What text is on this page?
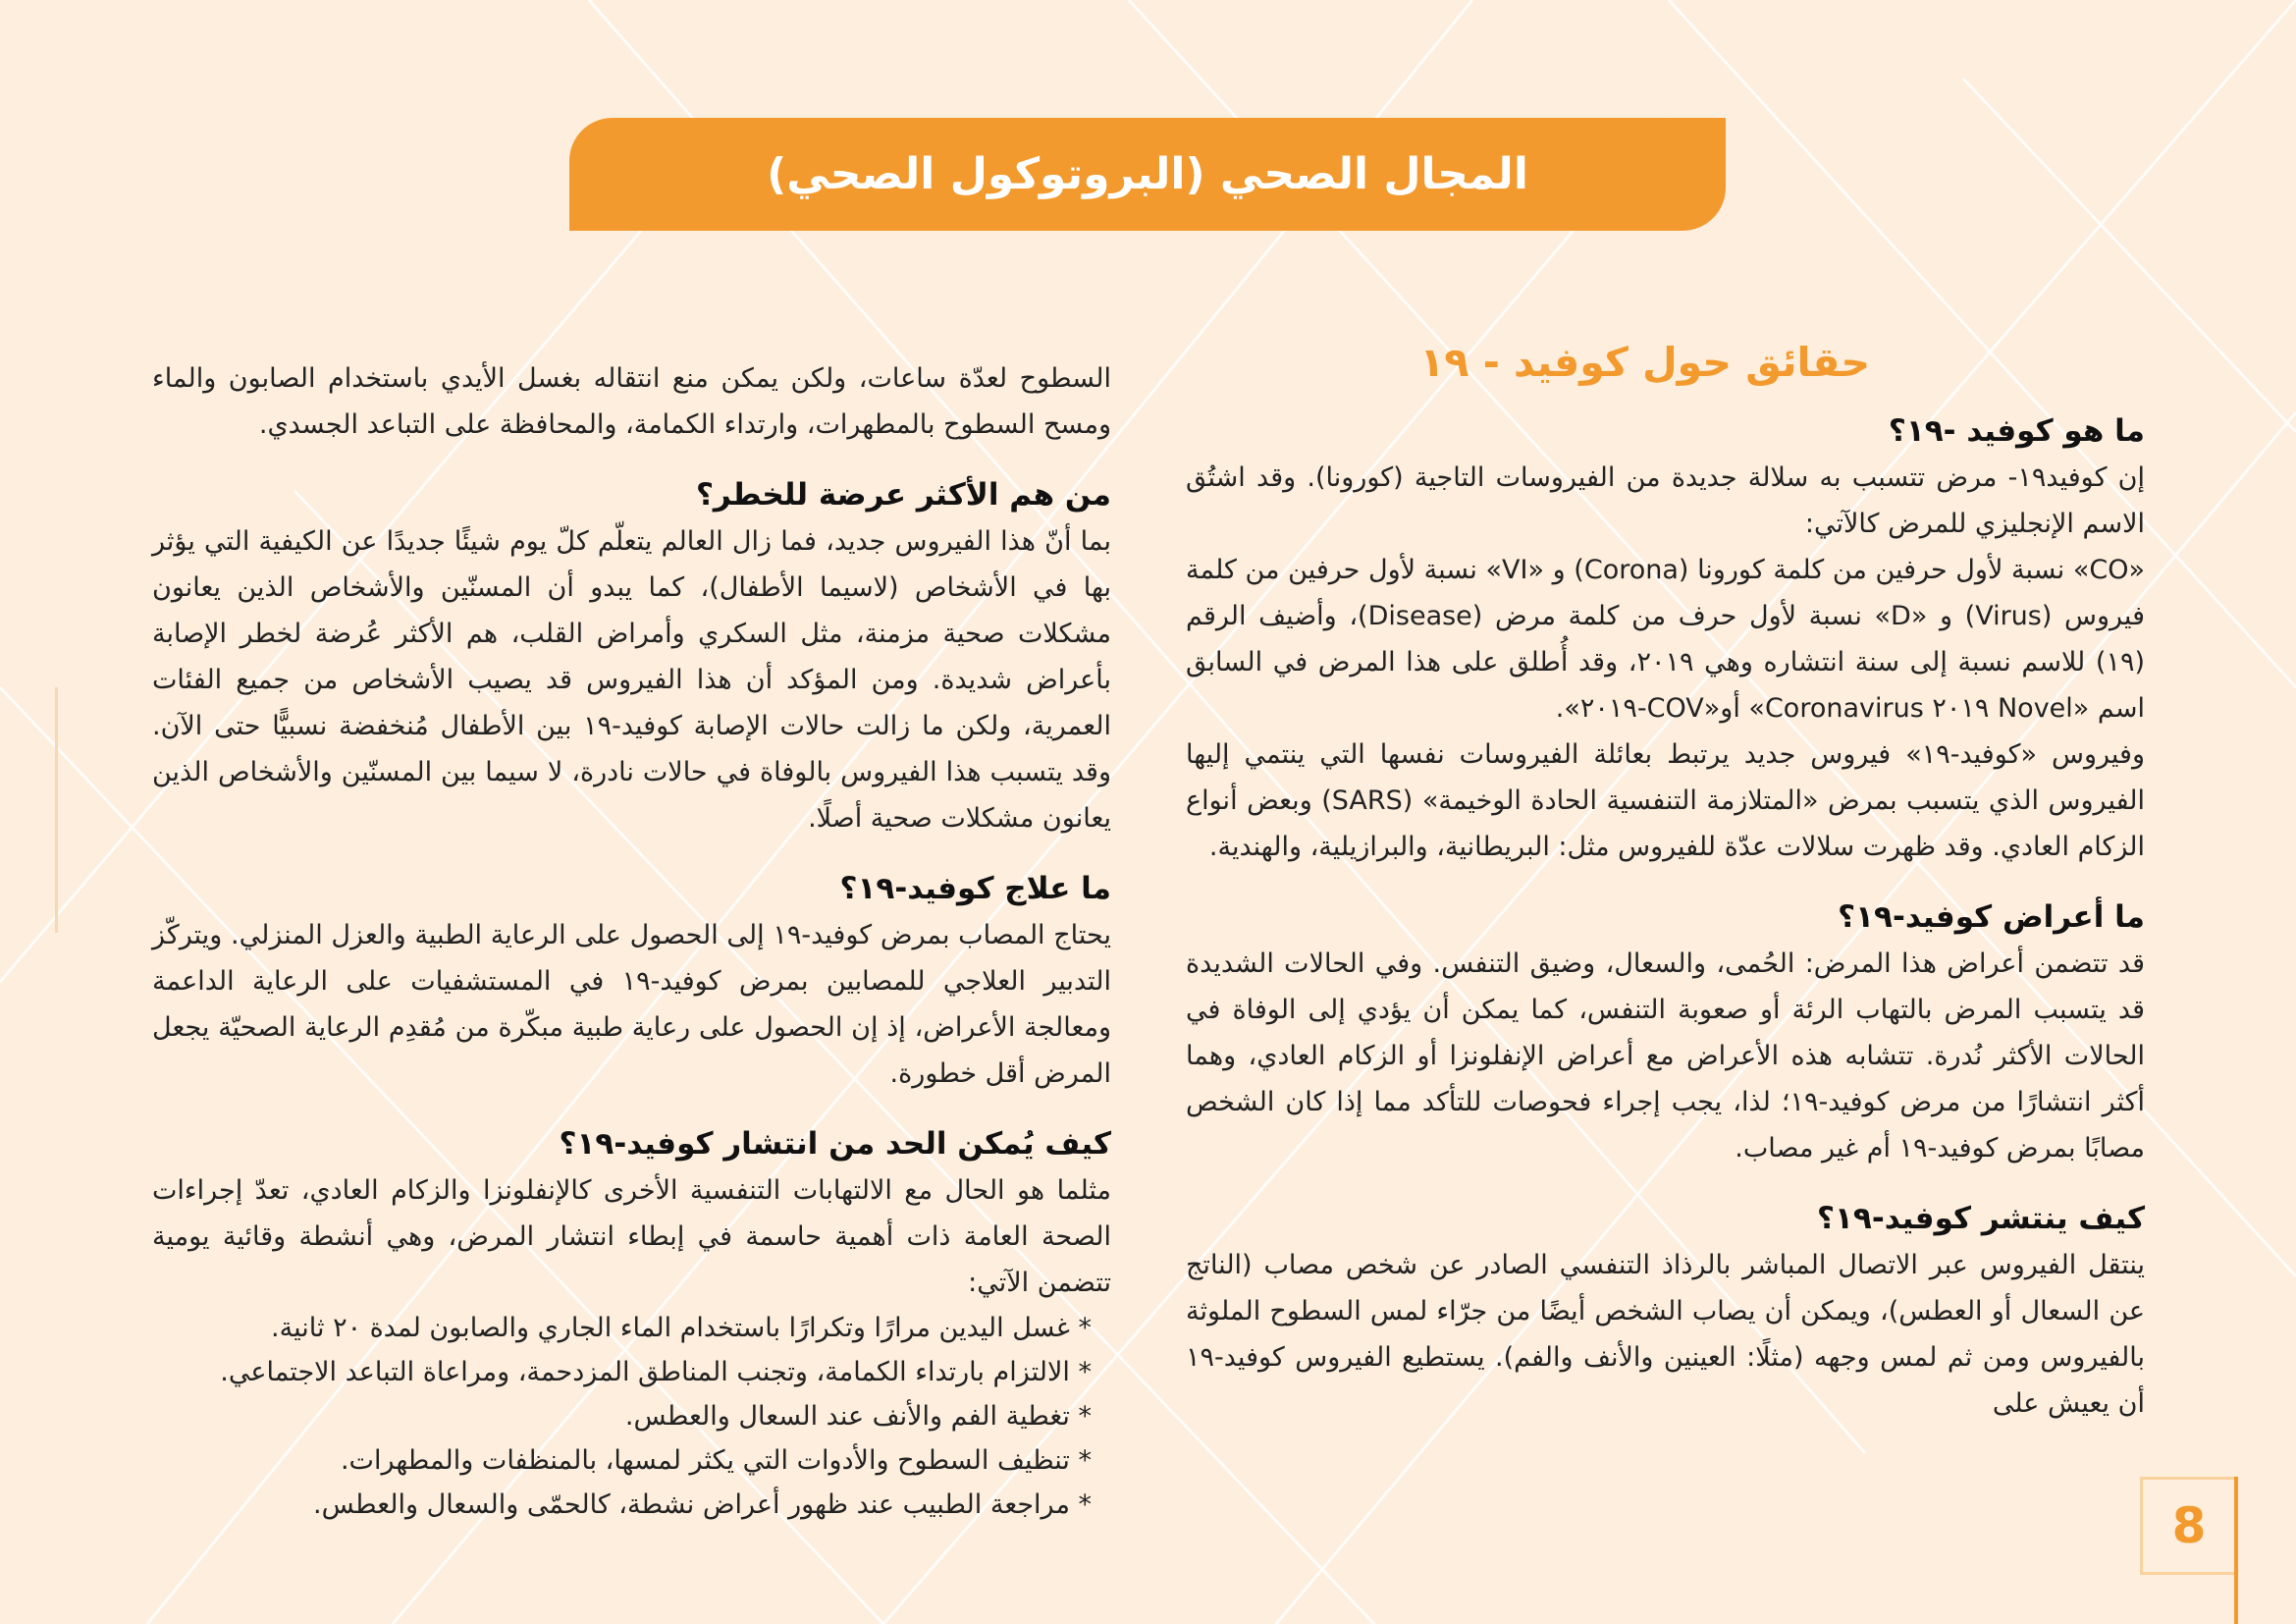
المجال الصحي (البروتوكول الصحي)
حقائق حول كوفيد - ١٩
ما هو كوفيد -١٩؟

إن كوفيد١٩- مرض تتسبب به سلالة جديدة من الفيروسات التاجية (كورونا). وقد اشتُق الاسم الإنجليزي للمرض كالآتي:

«CO» نسبة لأول حرفين من كلمة كورونا (Corona) و «VI» نسبة لأول حرفين من كلمة فيروس (Virus) و «D» نسبة لأول حرف من كلمة مرض (Disease)، وأضيف الرقم (١٩) للاسم نسبة إلى سنة انتشاره وهي ٢٠١٩، وقد أُطلق على هذا المرض في السابق اسم «Novel ٢٠١٩ Coronavirus» أو«COV-٢٠١٩».

وفيروس «كوفيد-١٩» فيروس جديد يرتبط بعائلة الفيروسات نفسها التي ينتمي إليها الفيروس الذي يتسبب بمرض «المتلازمة التنفسية الحادة الوخيمة» (SARS) وبعض أنواع الزكام العادي. وقد ظهرت سلالات عدّة للفيروس مثل: البريطانية، والبرازيلية، والهندية.

ما أعراض كوفيد-١٩؟

قد تتضمن أعراض هذا المرض: الحُمى، والسعال، وضيق التنفس. وفي الحالات الشديدة قد يتسبب المرض بالتهاب الرئة أو صعوبة التنفس، كما يمكن أن يؤدي إلى الوفاة في الحالات الأكثر نُدرة. تتشابه هذه الأعراض مع أعراض الإنفلونزا أو الزكام العادي، وهما أكثر انتشارًا من مرض كوفيد-١٩؛ لذا، يجب إجراء فحوصات للتأكد مما إذا كان الشخص مصابًا بمرض كوفيد-١٩ أم غير مصاب.

كيف ينتشر كوفيد-١٩؟

ينتقل الفيروس عبر الاتصال المباشر بالرذاذ التنفسي الصادر عن شخص مصاب (الناتج عن السعال أو العطس)، ويمكن أن يصاب الشخص أيضًا من جرّاء لمس السطوح الملوثة بالفيروس ومن ثم لمس وجهه (مثلًا: العينين والأنف والفم). يستطيع الفيروس كوفيد-١٩ أن يعيش على

السطوح لعدّة ساعات، ولكن يمكن منع انتقاله بغسل الأيدي باستخدام الصابون والماء ومسح السطوح بالمطهرات، وارتداء الكمامة، والمحافظة على التباعد الجسدي.

من هم الأكثر عرضة للخطر؟

بما أنّ هذا الفيروس جديد، فما زال العالم يتعلّم كلّ يوم شيئًا جديدًا عن الكيفية التي يؤثر بها في الأشخاص (لاسيما الأطفال)، كما يبدو أن المسنّين والأشخاص الذين يعانون مشكلات صحية مزمنة، مثل السكري وأمراض القلب، هم الأكثر عُرضة لخطر الإصابة بأعراض شديدة. ومن المؤكد أن هذا الفيروس قد يصيب الأشخاص من جميع الفئات العمرية، ولكن ما زالت حالات الإصابة كوفيد-١٩ بين الأطفال مُنخفضة نسبيًّا حتى الآن. وقد يتسبب هذا الفيروس بالوفاة في حالات نادرة، لا سيما بين المسنّين والأشخاص الذين يعانون مشكلات صحية أصلًا.

ما علاج كوفيد-١٩؟

يحتاج المصاب بمرض كوفيد-١٩ إلى الحصول على الرعاية الطبية والعزل المنزلي. ويتركّز التدبير العلاجي للمصابين بمرض كوفيد-١٩ في المستشفيات على الرعاية الداعمة ومعالجة الأعراض، إذ إن الحصول على رعاية طبية مبكّرة من مُقدِم الرعاية الصحيّة يجعل المرض أقل خطورة.

كيف يُمكن الحد من انتشار كوفيد-١٩؟

مثلما هو الحال مع الالتهابات التنفسية الأخرى كالإنفلونزا والزكام العادي، تعدّ إجراءات الصحة العامة ذات أهمية حاسمة في إبطاء انتشار المرض، وهي أنشطة وقائية يومية تتضمن الآتي:

* غسل اليدين مرارًا وتكرارًا باستخدام الماء الجاري والصابون لمدة ٢٠ ثانية.
* الالتزام بارتداء الكمامة، وتجنب المناطق المزدحمة، ومراعاة التباعد الاجتماعي.
* تغطية الفم والأنف عند السعال والعطس.
* تنظيف السطوح والأدوات التي يكثر لمسها، بالمنظفات والمطهرات.
* مراجعة الطبيب عند ظهور أعراض نشطة، كالحمّى والسعال والعطس.	8
